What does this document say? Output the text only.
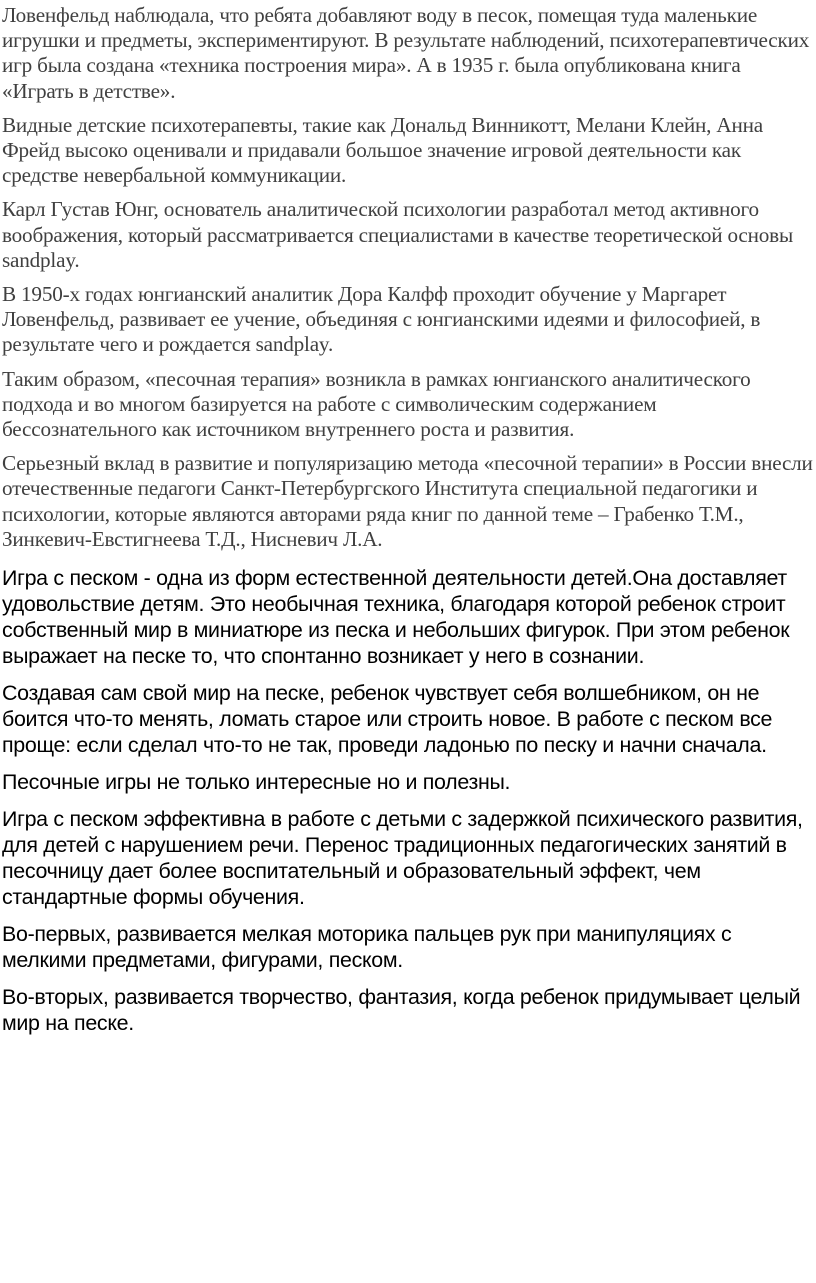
Ловенфельд наблюдала, что ребята добавляют воду в песок, помещая туда маленькие игрушки и предметы, экспериментируют. В результате наблюдений, психотерапевтических игр была создана «техника построения мира». А в 1935 г. была опубликована книга «Играть в детстве».

Видные детские психотерапевты, такие как Дональд Винникотт, Мелани Клейн, Анна Фрейд высоко оценивали и придавали большое значение игровой деятельности как средстве невербальной коммуникации.

Карл Густав Юнг, основатель аналитической психологии разработал метод активного воображения, который рассматривается специалистами в качестве теоретической основы sandplay.

В 1950-х годах юнгианский аналитик Дора Калфф проходит обучение у Маргарет Ловенфельд, развивает ее учение, объединяя с юнгианскими идеями и философией, в результате чего и рождается sandplay.

Таким образом, «песочная терапия» возникла в рамках юнгианского аналитического подхода и во многом базируется на работе с символическим содержанием бессознательного как источником внутреннего роста и развития.

Серьезный вклад в развитие и популяризацию метода «песочной терапии» в России внесли отечественные педагоги Санкт-Петербургского Института специальной педагогики и психологии, которые являются авторами ряда книг по данной теме – Грабенко Т.М., Зинкевич-Евстигнеева Т.Д., Нисневич Л.А.

Игра с песком - одна из форм естественной деятельности детей.Она доставляет удовольствие детям. Это необычная техника, благодаря которой ребенок строит собственный мир в миниатюре из песка и небольших фигурок. При этом ребенок выражает на песке то, что спонтанно возникает у него в сознании.

Создавая сам свой мир на песке, ребенок чувствует себя волшебником, он не боится что-то менять, ломать старое или строить новое. В работе с песком все проще: если сделал что-то не так, проведи ладонью по песку и начни сначала.

Песочные игры не только интересные но и полезны.

Игра с песком эффективна в работе с детьми с задержкой психического развития, для детей с нарушением речи. Перенос традиционных педагогических занятий в песочницу дает более воспитательный и образовательный эффект, чем стандартные формы обучения.

Во-первых, развивается мелкая моторика пальцев рук при манипуляциях с мелкими предметами, фигурами, песком.

Во-вторых, развивается творчество, фантазия, когда ребенок придумывает целый мир на песке.
